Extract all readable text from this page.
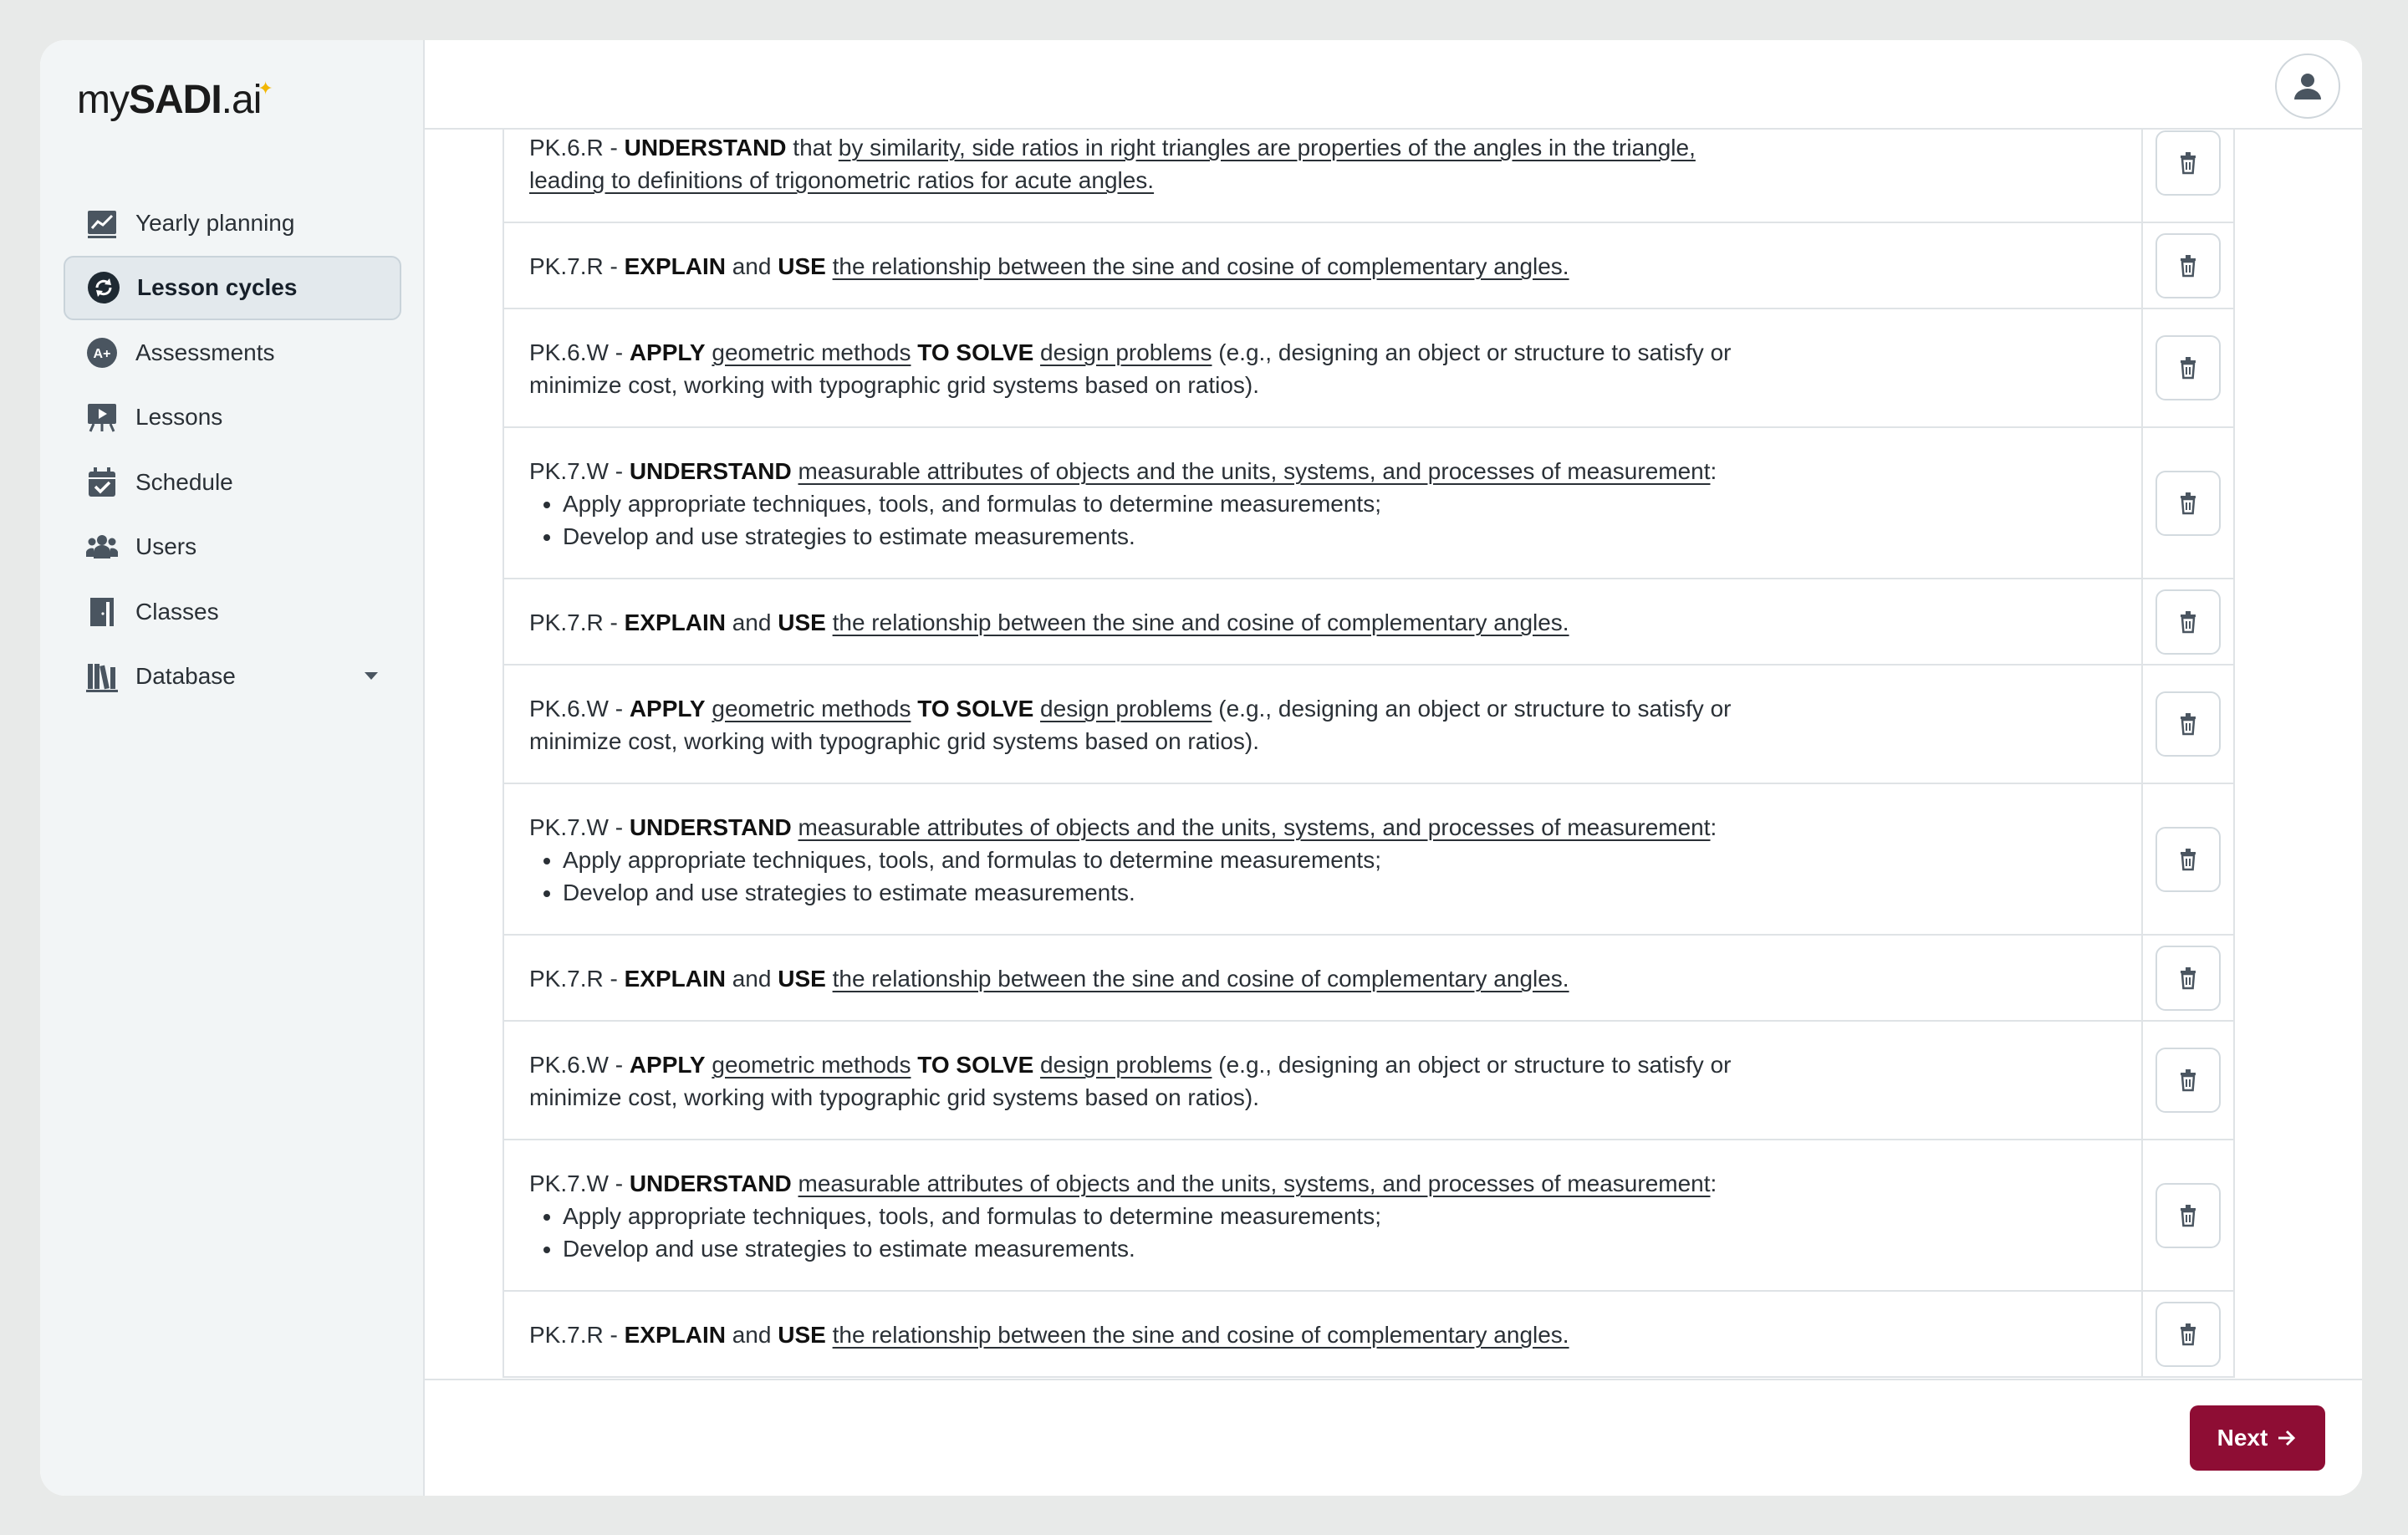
my SADI .ai
✦
Yearly planning
Lesson cycles
A+ Assessments
Lessons
Schedule
Users
Classes
Database
PK.6.R - UNDERSTAND that by similarity, side ratios in right triangles are properties of the angles in the triangle, leading to definitions of trigonometric ratios for acute angles.
PK.7.R - EXPLAIN and USE the relationship between the sine and cosine of complementary angles.
PK.6.W - APPLY geometric methods TO SOLVE design problems (e.g., designing an object or structure to satisfy or minimize cost, working with typographic grid systems based on ratios).
PK.7.W - UNDERSTAND measurable attributes of objects and the units, systems, and processes of measurement:
• Apply appropriate techniques, tools, and formulas to determine measurements;
• Develop and use strategies to estimate measurements.
PK.7.R - EXPLAIN and USE the relationship between the sine and cosine of complementary angles.
PK.6.W - APPLY geometric methods TO SOLVE design problems (e.g., designing an object or structure to satisfy or minimize cost, working with typographic grid systems based on ratios).
PK.7.W - UNDERSTAND measurable attributes of objects and the units, systems, and processes of measurement:
• Apply appropriate techniques, tools, and formulas to determine measurements;
• Develop and use strategies to estimate measurements.
PK.7.R - EXPLAIN and USE the relationship between the sine and cosine of complementary angles.
PK.6.W - APPLY geometric methods TO SOLVE design problems (e.g., designing an object or structure to satisfy or minimize cost, working with typographic grid systems based on ratios).
PK.7.W - UNDERSTAND measurable attributes of objects and the units, systems, and processes of measurement:
• Apply appropriate techniques, tools, and formulas to determine measurements;
• Develop and use strategies to estimate measurements.
PK.7.R - EXPLAIN and USE the relationship between the sine and cosine of complementary angles.
Next
